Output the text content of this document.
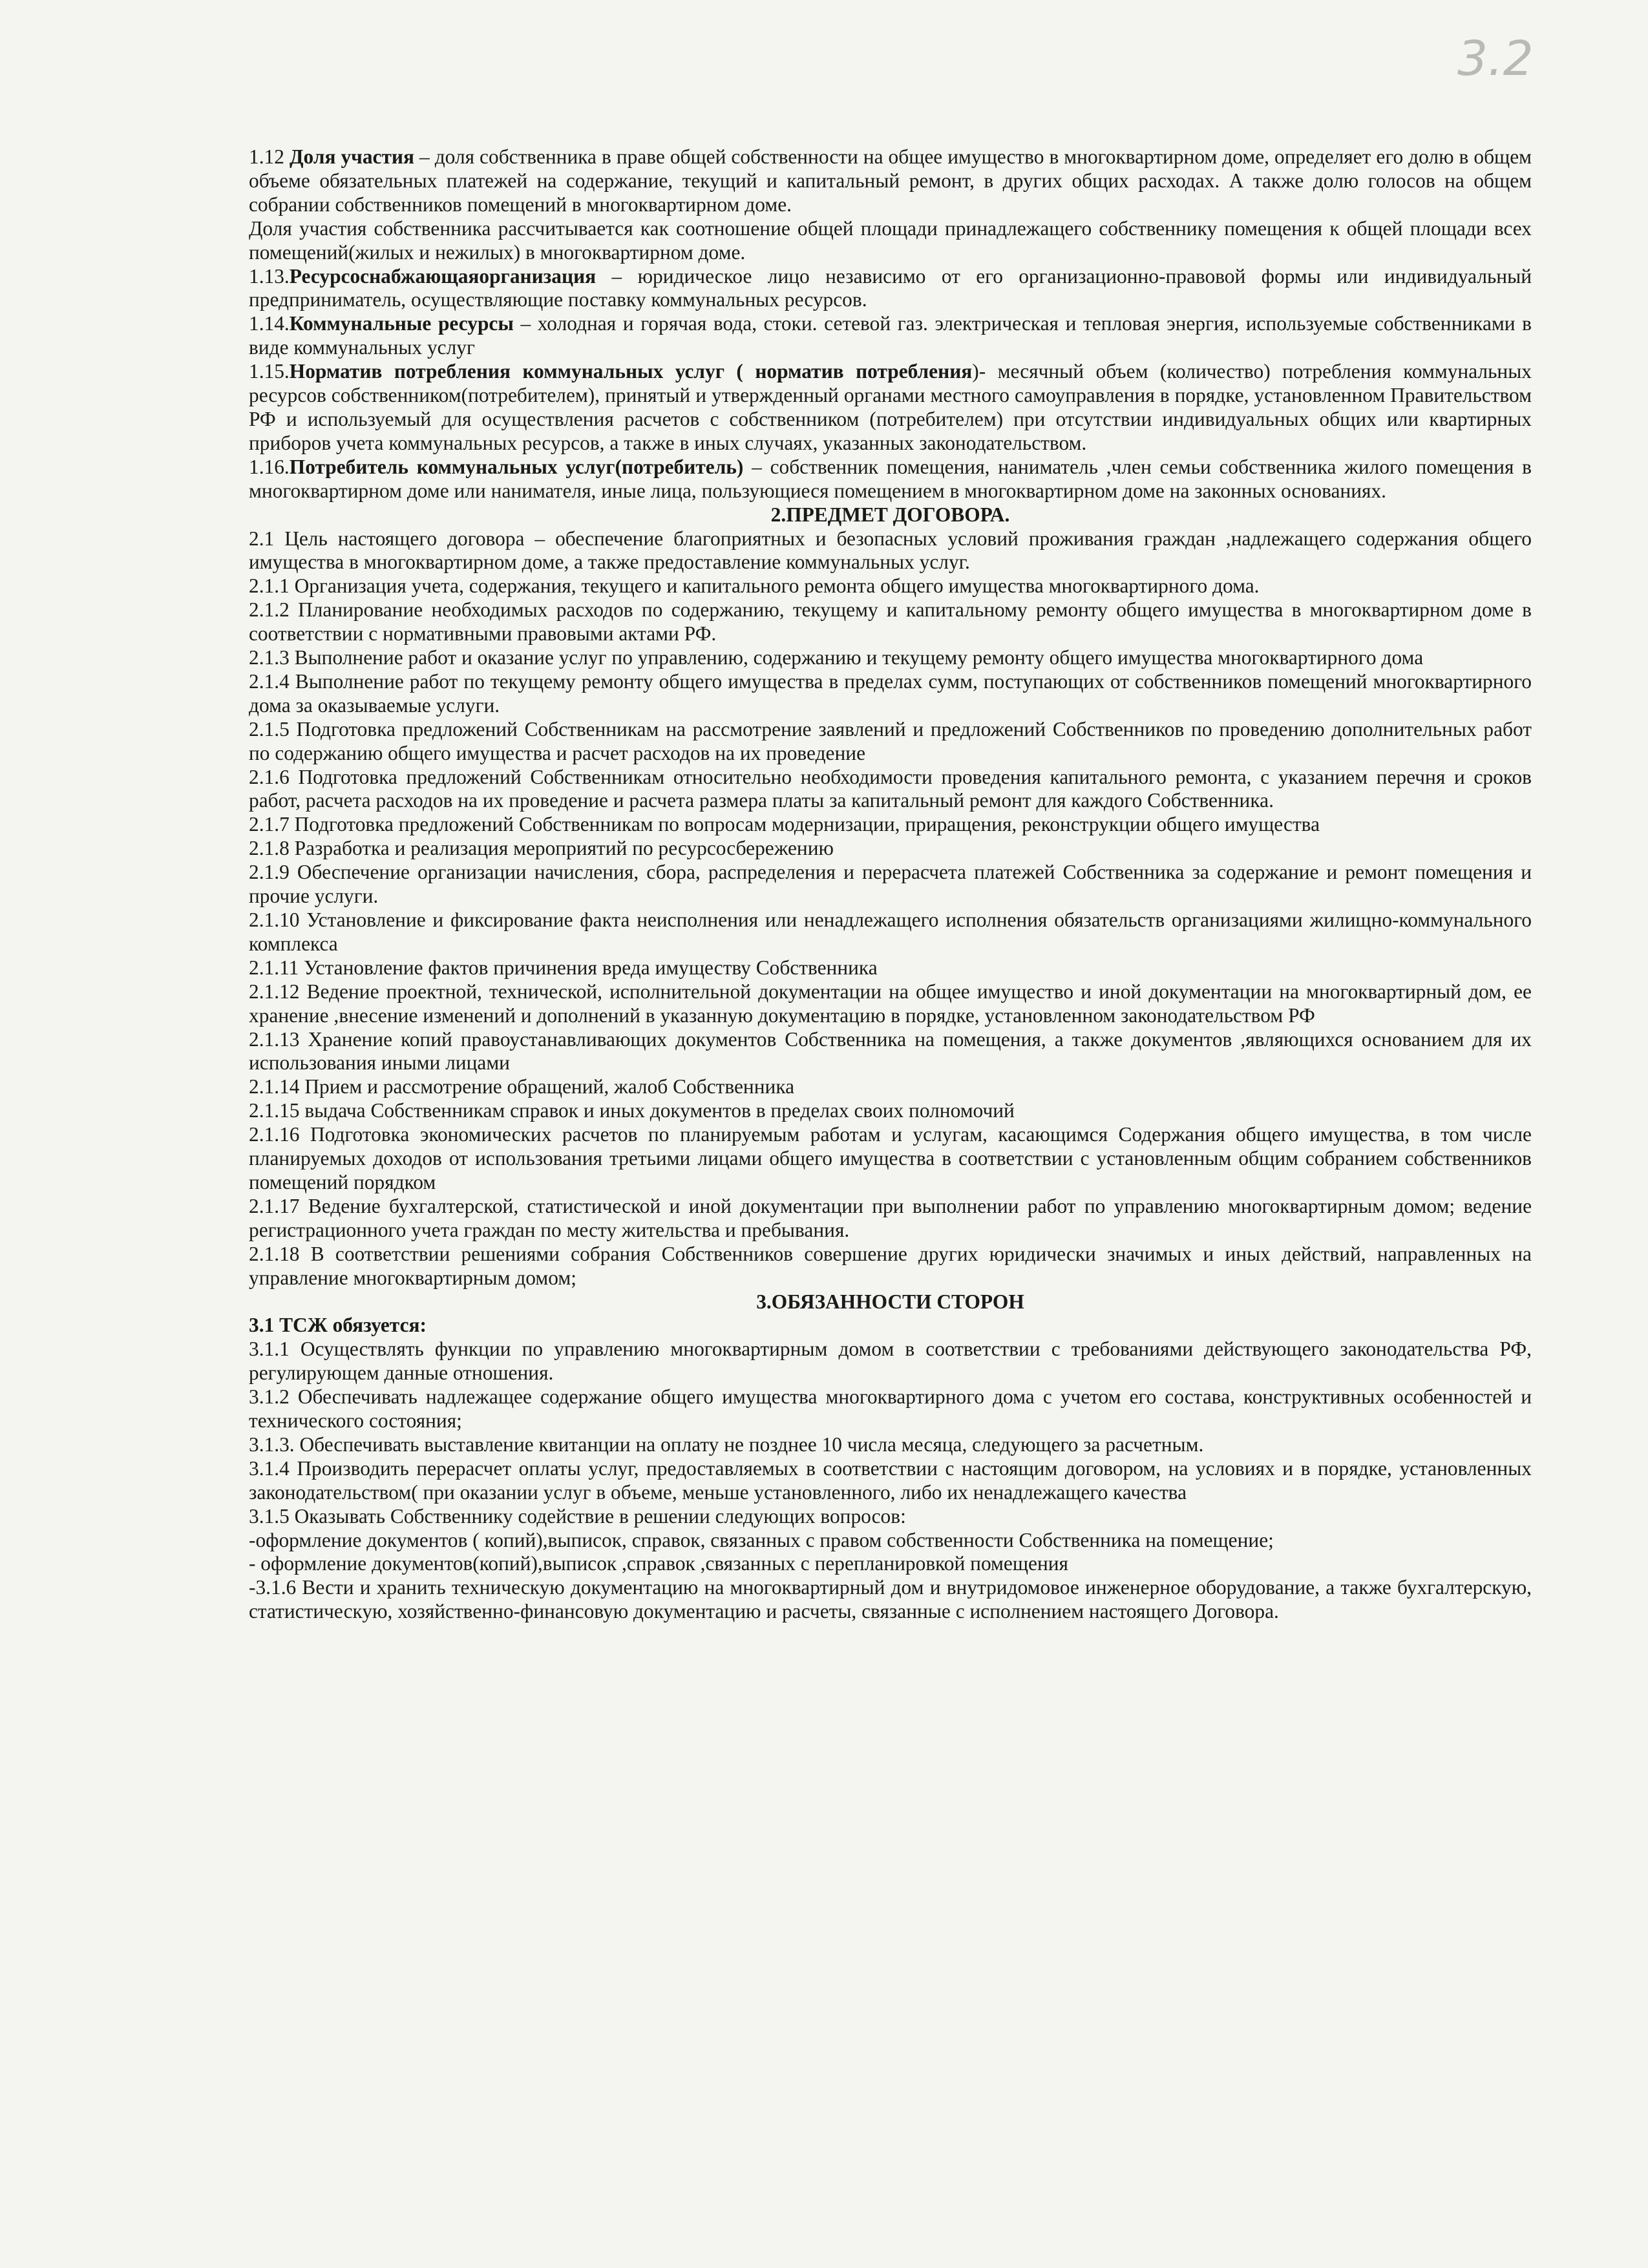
3.2

1.12 Доля участия – доля собственника в праве общей собственности на общее имущество в многоквартирном доме, определяет его долю в общем объеме обязательных платежей на содержание, текущий и капитальный ремонт, в других общих расходах. А также долю голосов на общем собрании собственников помещений в многоквартирном доме.

Доля участия собственника рассчитывается как соотношение общей площади принадлежащего собственнику помещения к общей площади всех помещений(жилых и нежилых) в многоквартирном доме.

1.13.Ресурсоснабжающаяорганизация – юридическое лицо независимо от его организационно-правовой формы или индивидуальный предприниматель, осуществляющие поставку коммунальных ресурсов.

1.14.Коммунальные ресурсы – холодная и горячая вода, стоки. сетевой газ. электрическая и тепловая энергия, используемые собственниками в виде коммунальных услуг

1.15.Норматив потребления коммунальных услуг ( норматив потребления)- месячный объем (количество) потребления коммунальных ресурсов собственником(потребителем), принятый и утвержденный органами местного самоуправления в порядке, установленном Правительством РФ и используемый для осуществления расчетов с собственником (потребителем) при отсутствии индивидуальных общих или квартирных приборов учета коммунальных ресурсов, а также в иных случаях, указанных законодательством.

1.16.Потребитель коммунальных услуг(потребитель) – собственник помещения, наниматель ,член семьи собственника жилого помещения в многоквартирном доме или нанимателя, иные лица, пользующиеся помещением в многоквартирном доме на законных основаниях.

2.ПРЕДМЕТ ДОГОВОРА.

2.1 Цель настоящего договора – обеспечение благоприятных и безопасных условий проживания граждан ,надлежащего содержания общего имущества в многоквартирном доме, а также предоставление коммунальных услуг.

2.1.1 Организация учета, содержания, текущего и капитального ремонта общего имущества многоквартирного дома.

2.1.2 Планирование необходимых расходов по содержанию, текущему и капитальному ремонту общего имущества в многоквартирном доме в соответствии с нормативными правовыми актами РФ.

2.1.3 Выполнение работ и оказание услуг по управлению, содержанию и текущему ремонту общего имущества многоквартирного дома

2.1.4 Выполнение работ по текущему ремонту общего имущества в пределах сумм, поступающих от собственников помещений многоквартирного дома за оказываемые услуги.

2.1.5 Подготовка предложений Собственникам на рассмотрение заявлений и предложений Собственников по проведению дополнительных работ по содержанию общего имущества и расчет расходов на их проведение

2.1.6 Подготовка предложений Собственникам относительно необходимости проведения капитального ремонта, с указанием перечня и сроков работ, расчета расходов на их проведение и расчета размера платы за капитальный ремонт для каждого Собственника.

2.1.7 Подготовка предложений Собственникам по вопросам модернизации, приращения, реконструкции общего имущества

2.1.8 Разработка и реализация мероприятий по ресурсосбережению

2.1.9 Обеспечение организации начисления, сбора, распределения и перерасчета платежей Собственника за содержание и ремонт помещения и прочие услуги.

2.1.10 Установление и фиксирование факта неисполнения или ненадлежащего исполнения обязательств организациями жилищно-коммунального комплекса

2.1.11 Установление фактов причинения вреда имуществу Собственника

2.1.12 Ведение проектной, технической, исполнительной документации на общее имущество и иной документации на многоквартирный дом, ее хранение ,внесение изменений и дополнений в указанную документацию в порядке, установленном законодательством РФ

2.1.13 Хранение копий правоустанавливающих документов Собственника на помещения, а также документов ,являющихся основанием для их использования иными лицами

2.1.14 Прием и рассмотрение обращений, жалоб Собственника

2.1.15 выдача Собственникам справок и иных документов в пределах своих полномочий

2.1.16 Подготовка экономических расчетов по планируемым работам и услугам, касающимся Содержания общего имущества, в том числе планируемых доходов от использования третьими лицами общего имущества в соответствии с установленным общим собранием собственников помещений порядком

2.1.17 Ведение бухгалтерской, статистической и иной документации при выполнении работ по управлению многоквартирным домом; ведение регистрационного учета граждан по месту жительства и пребывания.

2.1.18 В соответствии решениями собрания Собственников совершение других юридически значимых и иных действий, направленных на управление многоквартирным домом;

3.ОБЯЗАННОСТИ СТОРОН

3.1 ТСЖ обязуется:

3.1.1 Осуществлять функции по управлению многоквартирным домом в соответствии с требованиями действующего законодательства РФ, регулирующем данные отношения.

3.1.2 Обеспечивать надлежащее содержание общего имущества многоквартирного дома с учетом его состава, конструктивных особенностей и технического состояния;

3.1.3. Обеспечивать выставление квитанции на оплату не позднее 10 числа месяца, следующего за расчетным.

3.1.4 Производить перерасчет оплаты услуг, предоставляемых в соответствии с настоящим договором, на условиях и в порядке, установленных законодательством( при оказании услуг в объеме, меньше установленного, либо их ненадлежащего качества

3.1.5 Оказывать Собственнику содействие в решении следующих вопросов:

-оформление документов ( копий),выписок, справок, связанных с правом собственности Собственника на помещение;

- оформление документов(копий),выписок ,справок ,связанных с перепланировкой помещения

-3.1.6 Вести и хранить техническую документацию на многоквартирный дом и внутридомовое инженерное оборудование, а также бухгалтерскую, статистическую, хозяйственно-финансовую документацию и расчеты, связанные с исполнением настоящего Договора.
